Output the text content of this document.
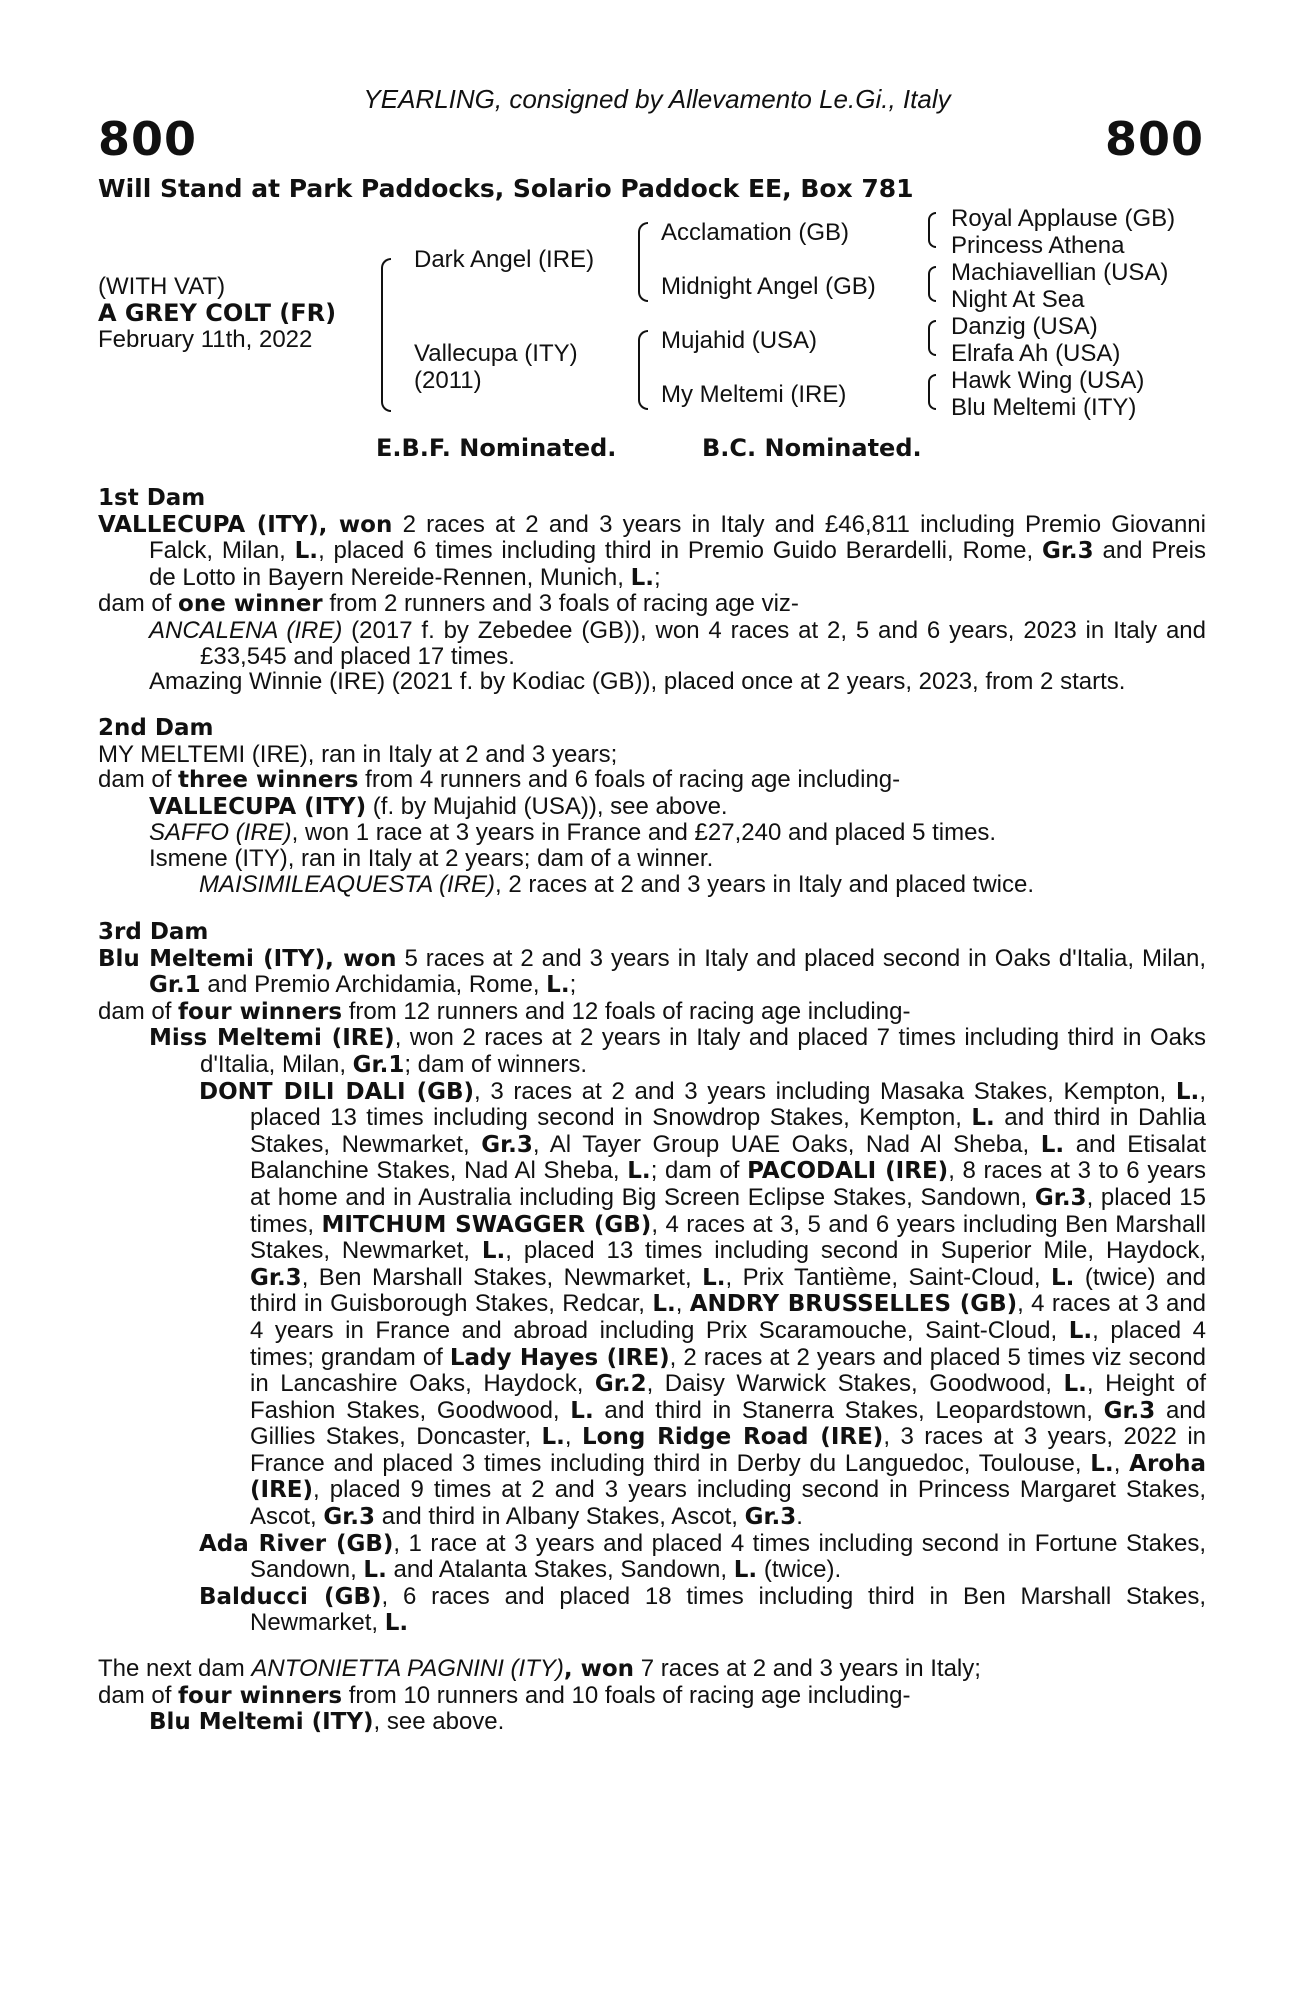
YEARLING, consigned by Allevamento Le.Gi., Italy
800	800
Will Stand at Park Paddocks, Solario Paddock EE, Box 781
(WITH VAT)
A GREY COLT (FR)
February 11th, 2022
Dark Angel (IRE)
Vallecupa (ITY)
(2011)
Acclamation (GB)
Midnight Angel (GB)
Mujahid (USA)
My Meltemi (IRE)
Royal Applause (GB)
Princess Athena
Machiavellian (USA)
Night At Sea
Danzig (USA)
Elrafa Ah (USA)
Hawk Wing (USA)
Blu Meltemi (ITY)
E.B.F. Nominated.	B.C. Nominated.

1st Dam

VALLECUPA (ITY), won 2 races at 2 and 3 years in Italy and £46,811 including Premio Giovanni Falck, Milan, L., placed 6 times including third in Premio Guido Berardelli, Rome, Gr.3 and Preis de Lotto in Bayern Nereide-Rennen, Munich, L.;

dam of one winner from 2 runners and 3 foals of racing age viz-

ANCALENA (IRE) (2017 f. by Zebedee (GB)), won 4 races at 2, 5 and 6 years, 2023 in Italy and £33,545 and placed 17 times.

Amazing Winnie (IRE) (2021 f. by Kodiac (GB)), placed once at 2 years, 2023, from 2 starts.

2nd Dam

MY MELTEMI (IRE), ran in Italy at 2 and 3 years;

dam of three winners from 4 runners and 6 foals of racing age including-

VALLECUPA (ITY) (f. by Mujahid (USA)), see above.

SAFFO (IRE), won 1 race at 3 years in France and £27,240 and placed 5 times.

Ismene (ITY), ran in Italy at 2 years; dam of a winner.

MAISIMILEAQUESTA (IRE), 2 races at 2 and 3 years in Italy and placed twice.

3rd Dam

Blu Meltemi (ITY), won 5 races at 2 and 3 years in Italy and placed second in Oaks d'Italia, Milan, Gr.1 and Premio Archidamia, Rome, L.;

dam of four winners from 12 runners and 12 foals of racing age including-

Miss Meltemi (IRE), won 2 races at 2 years in Italy and placed 7 times including third in Oaks d'Italia, Milan, Gr.1; dam of winners.

DONT DILI DALI (GB), 3 races at 2 and 3 years including Masaka Stakes, Kempton, L., placed 13 times including second in Snowdrop Stakes, Kempton, L. and third in Dahlia Stakes, Newmarket, Gr.3, Al Tayer Group UAE Oaks, Nad Al Sheba, L. and Etisalat Balanchine Stakes, Nad Al Sheba, L.; dam of PACODALI (IRE), 8 races at 3 to 6 years at home and in Australia including Big Screen Eclipse Stakes, Sandown, Gr.3, placed 15 times, MITCHUM SWAGGER (GB), 4 races at 3, 5 and 6 years including Ben Marshall Stakes, Newmarket, L., placed 13 times including second in Superior Mile, Haydock, Gr.3, Ben Marshall Stakes, Newmarket, L., Prix Tantième, Saint-Cloud, L. (twice) and third in Guisborough Stakes, Redcar, L., ANDRY BRUSSELLES (GB), 4 races at 3 and 4 years in France and abroad including Prix Scaramouche, Saint-Cloud, L., placed 4 times; grandam of Lady Hayes (IRE), 2 races at 2 years and placed 5 times viz second in Lancashire Oaks, Haydock, Gr.2, Daisy Warwick Stakes, Goodwood, L., Height of Fashion Stakes, Goodwood, L. and third in Stanerra Stakes, Leopardstown, Gr.3 and Gillies Stakes, Doncaster, L., Long Ridge Road (IRE), 3 races at 3 years, 2022 in France and placed 3 times including third in Derby du Languedoc, Toulouse, L., Aroha (IRE), placed 9 times at 2 and 3 years including second in Princess Margaret Stakes, Ascot, Gr.3 and third in Albany Stakes, Ascot, Gr.3.

Ada River (GB), 1 race at 3 years and placed 4 times including second in Fortune Stakes, Sandown, L. and Atalanta Stakes, Sandown, L. (twice).

Balducci (GB), 6 races and placed 18 times including third in Ben Marshall Stakes, Newmarket, L.

The next dam ANTONIETTA PAGNINI (ITY), won 7 races at 2 and 3 years in Italy;

dam of four winners from 10 runners and 10 foals of racing age including-

Blu Meltemi (ITY), see above.
